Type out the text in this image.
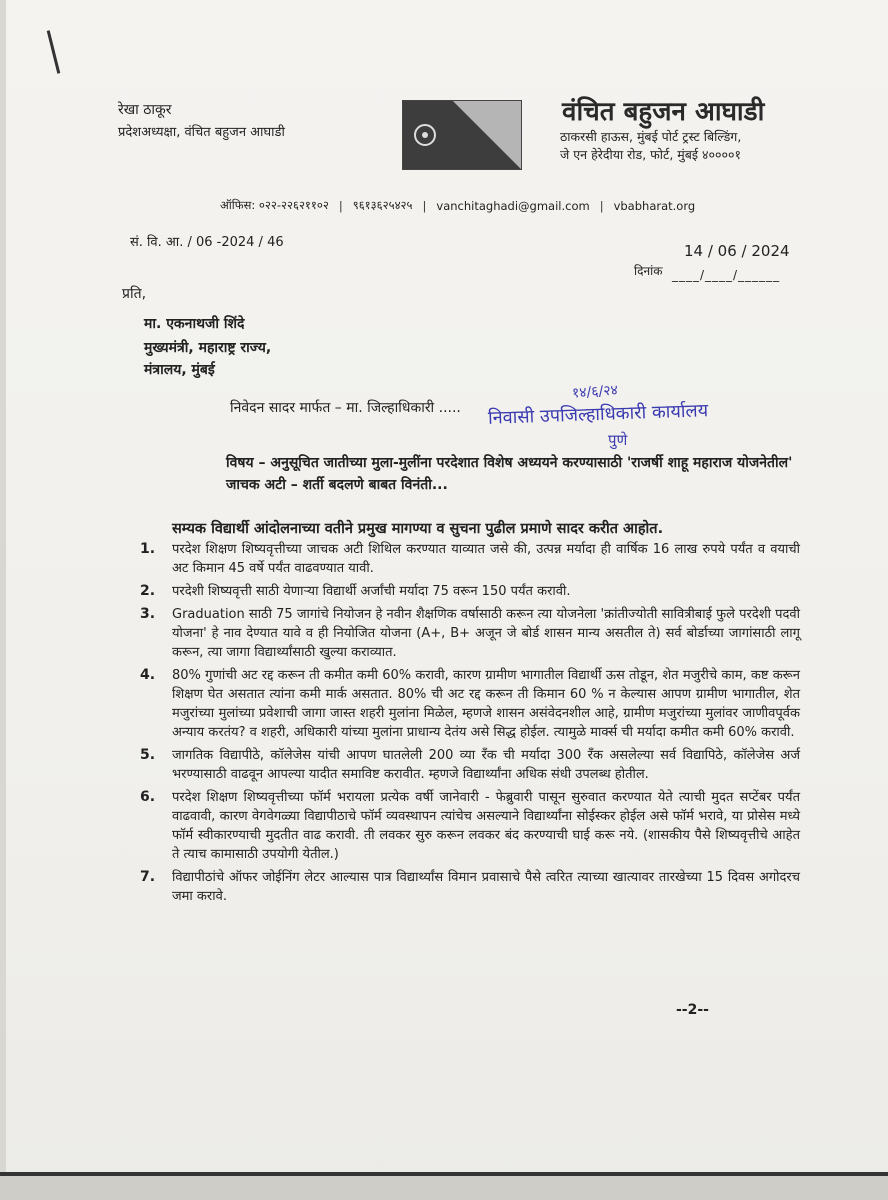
रेखा ठाकूर
प्रदेशअध्यक्षा, वंचित बहुजन आघाडी
वंचित बहुजन आघाडी
ठाकरसी हाऊस, मुंबई पोर्ट ट्रस्ट बिल्डिंग,
जे एन हेरेदीया रोड, फोर्ट, मुंबई ४००००१
ऑफिस: ०२२-२२६२११०२ | ९६१३६२५४२५ | vanchitaghadi@gmail.com | vbabharat.org
सं. वि. आ. / 06 -2024 / 46	14 / 06 / 2024
दिनांक ____/____/______
प्रति,
मा. एकनाथजी शिंदे
मुख्यमंत्री, महाराष्ट्र राज्य,
मंत्रालय, मुंबई
निवेदन सादर मार्फत – मा. जिल्हाधिकारी .....
१४/६/२४
निवासी उपजिल्हाधिकारी कार्यालय
पुणे
विषय – अनुसूचित जातीच्या मुला-मुलींना परदेशात विशेष अध्ययने करण्यासाठी 'राजर्षी शाहू महाराज योजनेतील' जाचक अटी – शर्ती बदलणे बाबत विनंती...
सम्यक विद्यार्थी आंदोलनाच्या वतीने प्रमुख मागण्या व सुचना पुढील प्रमाणे सादर करीत आहोत.
1.	परदेश शिक्षण शिष्यवृत्तीच्या जाचक अटी शिथिल करण्यात याव्यात जसे की, उत्पन्न मर्यादा ही वार्षिक 16 लाख रुपये पर्यंत व वयाची अट किमान 45 वर्षे पर्यंत वाढवण्यात यावी.
2.	परदेशी शिष्यवृत्ती साठी येणाऱ्या विद्यार्थी अर्जांची मर्यादा 75 वरून 150 पर्यंत करावी.
3.	Graduation साठी 75 जागांचे नियोजन हे नवीन शैक्षणिक वर्षासाठी करून त्या योजनेला 'क्रांतीज्योती सावित्रीबाई फुले परदेशी पदवी योजना' हे नाव देण्यात यावे व ही नियोजित योजना (A+, B+ अजून जे बोर्ड शासन मान्य असतील ते) सर्व बोर्डाच्या जागांसाठी लागू करून, त्या जागा विद्यार्थ्यांसाठी खुल्या कराव्यात.
4.	80% गुणांची अट रद्द करून ती कमीत कमी 60% करावी, कारण ग्रामीण भागातील विद्यार्थी ऊस तोडून, शेत मजुरीचे काम, कष्ट करून शिक्षण घेत असतात त्यांना कमी मार्क असतात. 80% ची अट रद्द करून ती किमान 60 % न केल्यास आपण ग्रामीण भागातील, शेत मजुरांच्या मुलांच्या प्रवेशाची जागा जास्त शहरी मुलांना मिळेल, म्हणजे शासन असंवेदनशील आहे, ग्रामीण मजुरांच्या मुलांवर जाणीवपूर्वक अन्याय करतंय? व शहरी, अधिकारी यांच्या मुलांना प्राधान्य देतंय असे सिद्ध होईल. त्यामुळे मार्क्स ची मर्यादा कमीत कमी 60% करावी.
5.	जागतिक विद्यापीठे, कॉलेजेस यांची आपण घातलेली 200 व्या रँक ची मर्यादा 300 रँक असलेल्या सर्व विद्यापिठे, कॉलेजेस अर्ज भरण्यासाठी वाढवून आपल्या यादीत समाविष्ट करावीत. म्हणजे विद्यार्थ्यांना अधिक संधी उपलब्ध होतील.
6.	परदेश शिक्षण शिष्यवृत्तीच्या फॉर्म भरायला प्रत्येक वर्षी जानेवारी - फेब्रुवारी पासून सुरुवात करण्यात येते त्याची मुदत सप्टेंबर पर्यंत वाढवावी, कारण वेगवेगळ्या विद्यापीठाचे फॉर्म व्यवस्थापन त्यांचेच असल्याने विद्यार्थ्यांना सोईस्कर होईल असे फॉर्म भरावे, या प्रोसेस मध्ये फॉर्म स्वीकारण्याची मुदतीत वाढ करावी. ती लवकर सुरु करून लवकर बंद करण्याची घाई करू नये. (शासकीय पैसे शिष्यवृत्तीचे आहेत ते त्याच कामासाठी उपयोगी येतील.)
7.	विद्यापीठांचे ऑफर जोईनिंग लेटर आल्यास पात्र विद्यार्थ्यांस विमान प्रवासाचे पैसे त्वरित त्याच्या खात्यावर तारखेच्या 15 दिवस अगोदरच जमा करावे.
--2--
